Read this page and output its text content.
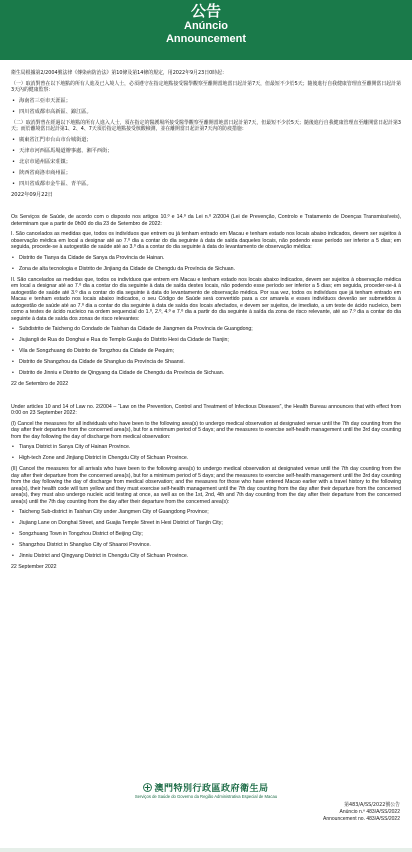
公告
Anúncio
Announcement

衛生局根據第2/2004號法律《傳染病防治法》第10條及第14條的規定，用2022年9月23日0時起：

（一）取消對曾在以下地點的所有人進及已入境人士，必須遵守在指定地點接受醫學觀察至離開當地當日起計第7天，但最短不少於5天；隨後進行自我健康管理直至離開當日起計第3天內的健康監察：

• 海南省三亞市天涯區；
• 四川省成都市高新區、錦江區。

（二）取消對曾在經過以下地點的所有人進入人士，須在指定的醫護場所接受醫學觀察至離開當地當日起計第7天，但最短不少於5天；隨後進行自我健康管理直至離開當日起計第3天；而於離境當日起計第1、2、4、7天須於指定地點接受核酸檢測，並在離開當日起計第7天內的防疫措施：

• 廣東省江門市台山市台城街道；
• 天津市河西區馬場道辦事處、湘平西街；
• 北京市通州區宋莊鎮；
• 陝西省商洛市商州區；
• 四川省成都市金牛區、青羊區。
2022年09月22日

Os Serviços de Saúde, de acordo com o disposto nos artigos 10.º e 14.º da Lei n.º 2/2004 (Lei de Prevenção, Controlo e Tratamento de Doenças Transmissíveis), determinam que a partir de 0h00 do dia 23 de Setembro de 2022:

I. São cancelados as medidas que, todos os indivíduos que entrem ou já tenham entrado em Macau e tenham estado nos locais abaixo indicados, devem ser sujeitos à observação médica em local a designar até ao 7.º dia a contar do dia seguinte à data de saída daqueles locais, não podendo esse período ser inferior a 5 dias; em seguida, procede-se à autogestão de saúde até ao 3.º dia a contar do dia seguinte à data do levantamento de observação médica:

• Distrito de Tianya da Cidade de Sanya da Província de Hainan.
• Zona de alta tecnologia e Distrito de Jinjiang da Cidade de Chengdu da Província de Sichuan.

II. São cancelados as medidas que, todos os indivíduos que entrem em Macau e tenham estado nos locais abaixo indicados, devem ser sujeitos à observação médica em local a designar até ao 7.º dia a contar do dia seguinte à data de saída destes locais, não podendo esse período ser inferior a 5 dias; em seguida, proceder-se-á à autogestão de saúde até 3.º dia a contar do dia seguinte à data do levantamento de observação médica. Por sua vez, todos os indivíduos que já tenham entrado em Macau e tenham estado nos locais abaixo indicados, o seu Código de Saúde será convertido para a cor amarela e esses indivíduos deverão ser submetidos à autogestão de saúde até ao 7.º dia a contar do dia seguinte à data de saída dos locais afectados, e devem ser sujeitos, de imediato, a um teste de ácido nucleico, bem como a testes de ácido nucleico na ordem sequencial do 1.º, 2.º, 4.º e 7.º dia a partir do dia seguinte à saída da zona de risco relevante, até ao 7.º dia a contar do dia seguinte à data de saída dos zonas de risco relevantes:

• Subdistrito de Taicheng do Condado de Taishan da Cidade de Jiangmen da Província de Guangdong;
• Jiujiangli de Rua do Donghai e Rua do Templo Guajia do Distrito Hexi da Cidade de Tianjin;
• Vila de Songzhuang do Distrito de Tongzhou da Cidade de Pequim;
• Distrito de Shangzhou da Cidade de Shangluo da Província de Shaanxi.
• Distrito de Jinniu e Distrito de Qingyang da Cidade de Chengdu da Província de Sichuan.
22 de Setembro de 2022

Under articles 10 and 14 of Law no. 2/2004 – “Law on the Prevention, Control and Treatment of Infectious Diseases”, the Health Bureau announces that with effect from 0:00 on 23 September 2022:

(I) Cancel the measures for all individuals who have been to the following area(s) to undergo medical observation at designated venue until the 7th day counting from the day after their departure from the concerned area(s), but for a minimum period of 5 days; and the measures to exercise self-health management until the 3rd day counting from the day following the day of discharge from medical observation:

• Tianya District in Sanya City of Hainan Province.
• High-tech Zone and Jinjiang District in Chengdu City of Sichuan Province.

(II) Cancel the measures for all arrivals who have been to the following area(s) to undergo medical observation at designated venue until the 7th day counting from the day after their departure from the concerned area(s), but for a minimum period of 5 days; and the measures to exercise self-health management until the 3rd day counting from the day following the day of discharge from medical observation; and the measures for those who have entered Macao earlier with a travel history to the following area(s), their health code will turn yellow and they must exercise self-health management until the 7th day counting from the day after their departure from the concerned area(s), they must also undergo nucleic acid testing at once, as well as on the 1st, 2nd, 4th and 7th day counting from the day after their departure from the concerned area(s) until the 7th day counting from the day after their departure from the concerned area(s):

• Taicheng Sub-district in Taishan City under Jiangmen City of Guangdong Province;
• Jiujiang Lane on Donghai Street, and Guajia Temple Street in Hexi District of Tianjin City;
• Songzhuang Town in Tongzhou District of Beijing City;
• Shangzhou District in Shangluo City of Shaanxi Province.
• Jinniu District and Qingyang District in Chengdu City of Sichuan Province.
22 September 2022
澳門特別行政區政府衛生局
Serviços de Saúde do Governo da Região Administrativa Especial de Macau
第483/A/SS/2022號公告
Anúncio n.º 483/A/SS/2022
Announcement no. 483/A/SS/2022
